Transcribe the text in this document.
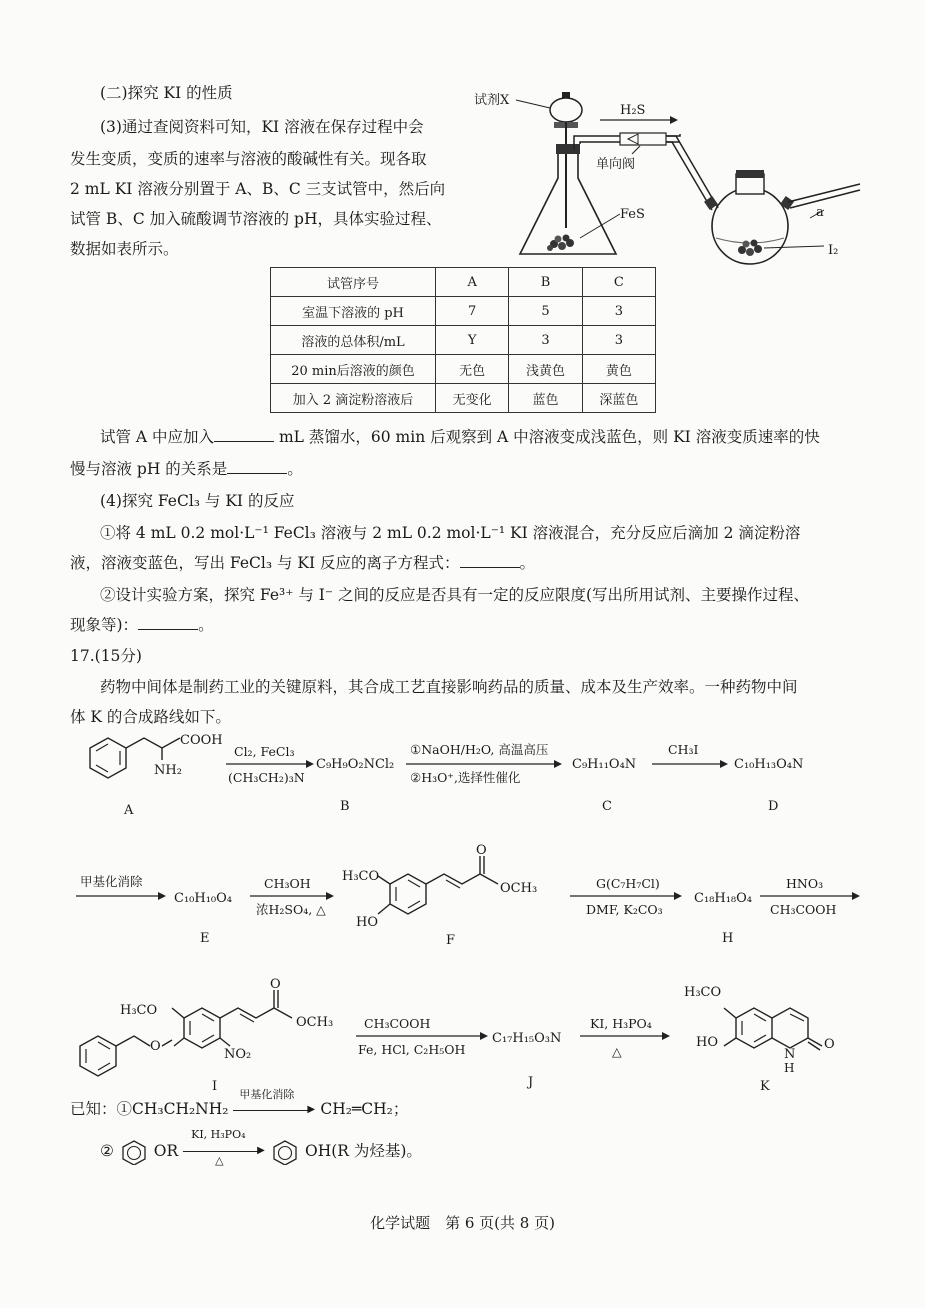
(二)探究 KI 的性质
(3)通过查阅资料可知，KI 溶液在保存过程中会
发生变质，变质的速率与溶液的酸碱性有关。现各取
2 mL KI 溶液分别置于 A、B、C 三支试管中，然后向
试管 B、C 加入硫酸调节溶液的 pH，具体实验过程、
数据如表所示。
试剂X
FeS
单向阀
H₂S
a
I₂
试管序号	A	B	C
室温下溶液的 pH	7	5	3
溶液的总体积/mL	Y	3	3
20 min后溶液的颜色	无色	浅黄色	黄色
加入 2 滴淀粉溶液后	无变化	蓝色	深蓝色
试管 A 中应加入	mL 蒸馏水，60 min 后观察到 A 中溶液变成浅蓝色，则 KI 溶液变质速率的快
慢与溶液 pH 的关系是	。
(4)探究 FeCl₃ 与 KI 的反应
①将 4 mL 0.2 mol·L⁻¹ FeCl₃ 溶液与 2 mL 0.2 mol·L⁻¹ KI 溶液混合，充分反应后滴加 2 滴淀粉溶
液，溶液变蓝色，写出 FeCl₃ 与 KI 反应的离子方程式：	。
②设计实验方案，探究 Fe³⁺ 与 I⁻ 之间的反应是否具有一定的反应限度(写出所用试剂、主要操作过程、
现象等)：	。
17.(15分)
药物中间体是制药工业的关键原料，其合成工艺直接影响药品的质量、成本及生产效率。一种药物中间
体 K 的合成路线如下。
COOH
NH₂
A
Cl₂, FeCl₃
(CH₃CH₂)₃N
C₉H₉O₂NCl₂
B
①NaOH/H₂O, 高温高压
②H₃O⁺,选择性催化
C₉H₁₁O₄N
C
CH₃I
C₁₀H₁₃O₄N
D
甲基化消除
C₁₀H₁₀O₄
E
CH₃OH
浓H₂SO₄, △
H₃CO
HO
O
OCH₃
F
G(C₇H₇Cl)
DMF, K₂CO₃
C₁₈H₁₈O₄
H
HNO₃
CH₃COOH
H₃CO
O
OCH₃
NO₂
O
I
CH₃COOH
Fe, HCl, C₂H₅OH
C₁₇H₁₅O₃N
J
KI, H₃PO₄
△
H₃CO
HO
N
H
O
K
已知：①CH₃CH₂NH₂
甲基化消除
▶ CH₂═CH₂；
②	OR
KI, H₃PO₄
▶
△
OH(R 为烃基)。
化学试题　第 6 页(共 8 页)
